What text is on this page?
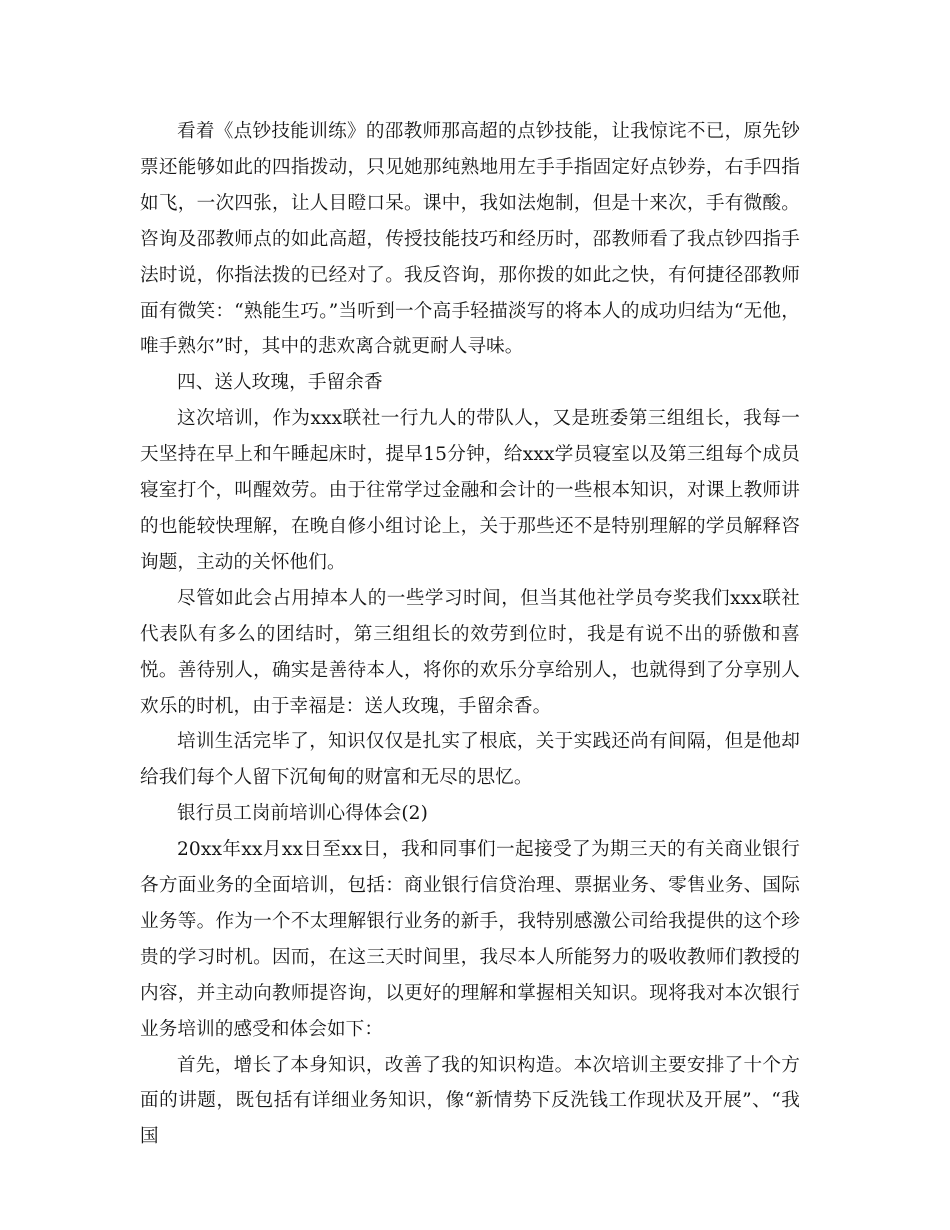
看着《点钞技能训练》的邵教师那高超的点钞技能，让我惊诧不已，原先钞票还能够如此的四指拨动，只见她那纯熟地用左手手指固定好点钞券，右手四指如飞，一次四张，让人目瞪口呆。课中，我如法炮制，但是十来次，手有微酸。咨询及邵教师点的如此高超，传授技能技巧和经历时，邵教师看了我点钞四指手法时说，你指法拨的已经对了。我反咨询，那你拨的如此之快，有何捷径邵教师面有微笑：“熟能生巧。”当听到一个高手轻描淡写的将本人的成功归结为“无他，唯手熟尔”时，其中的悲欢离合就更耐人寻味。

四、送人玫瑰，手留余香

这次培训，作为xxx联社一行九人的带队人，又是班委第三组组长，我每一天坚持在早上和午睡起床时，提早15分钟，给xxx学员寝室以及第三组每个成员寝室打个，叫醒效劳。由于往常学过金融和会计的一些根本知识，对课上教师讲的也能较快理解，在晚自修小组讨论上，关于那些还不是特别理解的学员解释咨询题，主动的关怀他们。

尽管如此会占用掉本人的一些学习时间，但当其他社学员夸奖我们xxx联社代表队有多么的团结时，第三组组长的效劳到位时，我是有说不出的骄傲和喜悦。善待别人，确实是善待本人，将你的欢乐分享给别人，也就得到了分享别人欢乐的时机，由于幸福是：送人玫瑰，手留余香。

培训生活完毕了，知识仅仅是扎实了根底，关于实践还尚有间隔，但是他却给我们每个人留下沉甸甸的财富和无尽的思忆。

银行员工岗前培训心得体会(2)

20xx年xx月xx日至xx日，我和同事们一起接受了为期三天的有关商业银行各方面业务的全面培训，包括：商业银行信贷治理、票据业务、零售业务、国际业务等。作为一个不太理解银行业务的新手，我特别感激公司给我提供的这个珍贵的学习时机。因而，在这三天时间里，我尽本人所能努力的吸收教师们教授的内容，并主动向教师提咨询，以更好的理解和掌握相关知识。现将我对本次银行业务培训的感受和体会如下：

首先，增长了本身知识，改善了我的知识构造。本次培训主要安排了十个方面的讲题，既包括有详细业务知识，像“新情势下反洗钱工作现状及开展”、“我国
